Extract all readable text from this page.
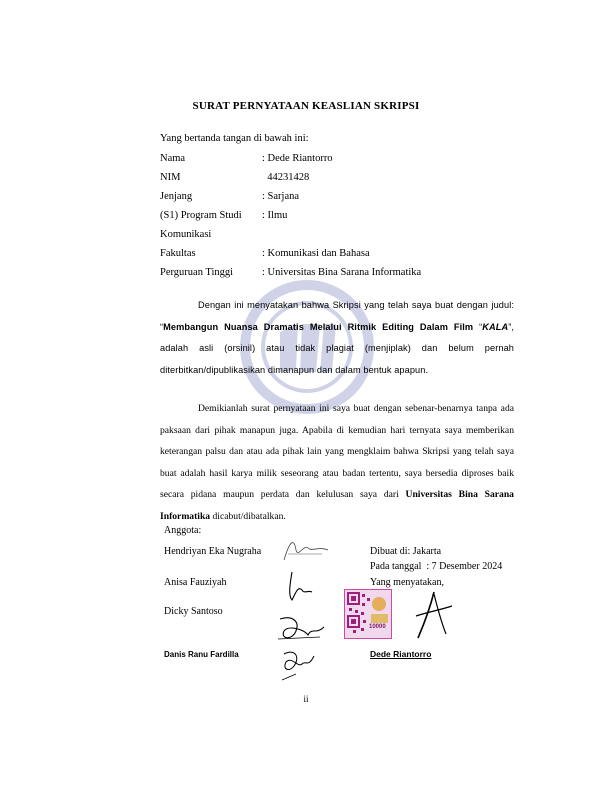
SURAT PERNYATAAN KEASLIAN SKRIPSI
Yang bertanda tangan di bawah ini:
Nama	: Dede Riantorro
NIM	44231428
Jenjang	: Sarjana
(S1) Program Studi	: Ilmu
Komunikasi
Fakultas	: Komunikasi dan Bahasa
Perguruan Tinggi	: Universitas Bina Sarana Informatika
Dengan ini menyatakan bahwa Skripsi yang telah saya buat dengan judul: “Membangun Nuansa Dramatis Melalui Ritmik Editing Dalam Film “KALA”, adalah asli (orsinil) atau tidak plagiat (menjiplak) dan belum pernah diterbitkan/dipublikasikan dimanapun dan dalam bentuk apapun.
Demikianlah surat pernyataan ini saya buat dengan sebenar-benarnya tanpa ada paksaan dari pihak manapun juga. Apabila di kemudian hari ternyata saya memberikan keterangan palsu dan atau ada pihak lain yang mengklaim bahwa Skripsi yang telah saya buat adalah hasil karya milik seseorang atau badan tertentu, saya bersedia diproses baik secara pidana maupun perdata dan kelulusan saya dari Universitas Bina Sarana Informatika dicabut/dibatalkan.
Anggota:
Hendriyan Eka Nugraha
Anisa Fauziyah
Dicky Santoso
Danis Ranu Fardilla
Dibuat di: Jakarta
Pada tanggal  : 7 Desember 2024
Yang menyatakan,
10000
Dede Riantorro
ii
